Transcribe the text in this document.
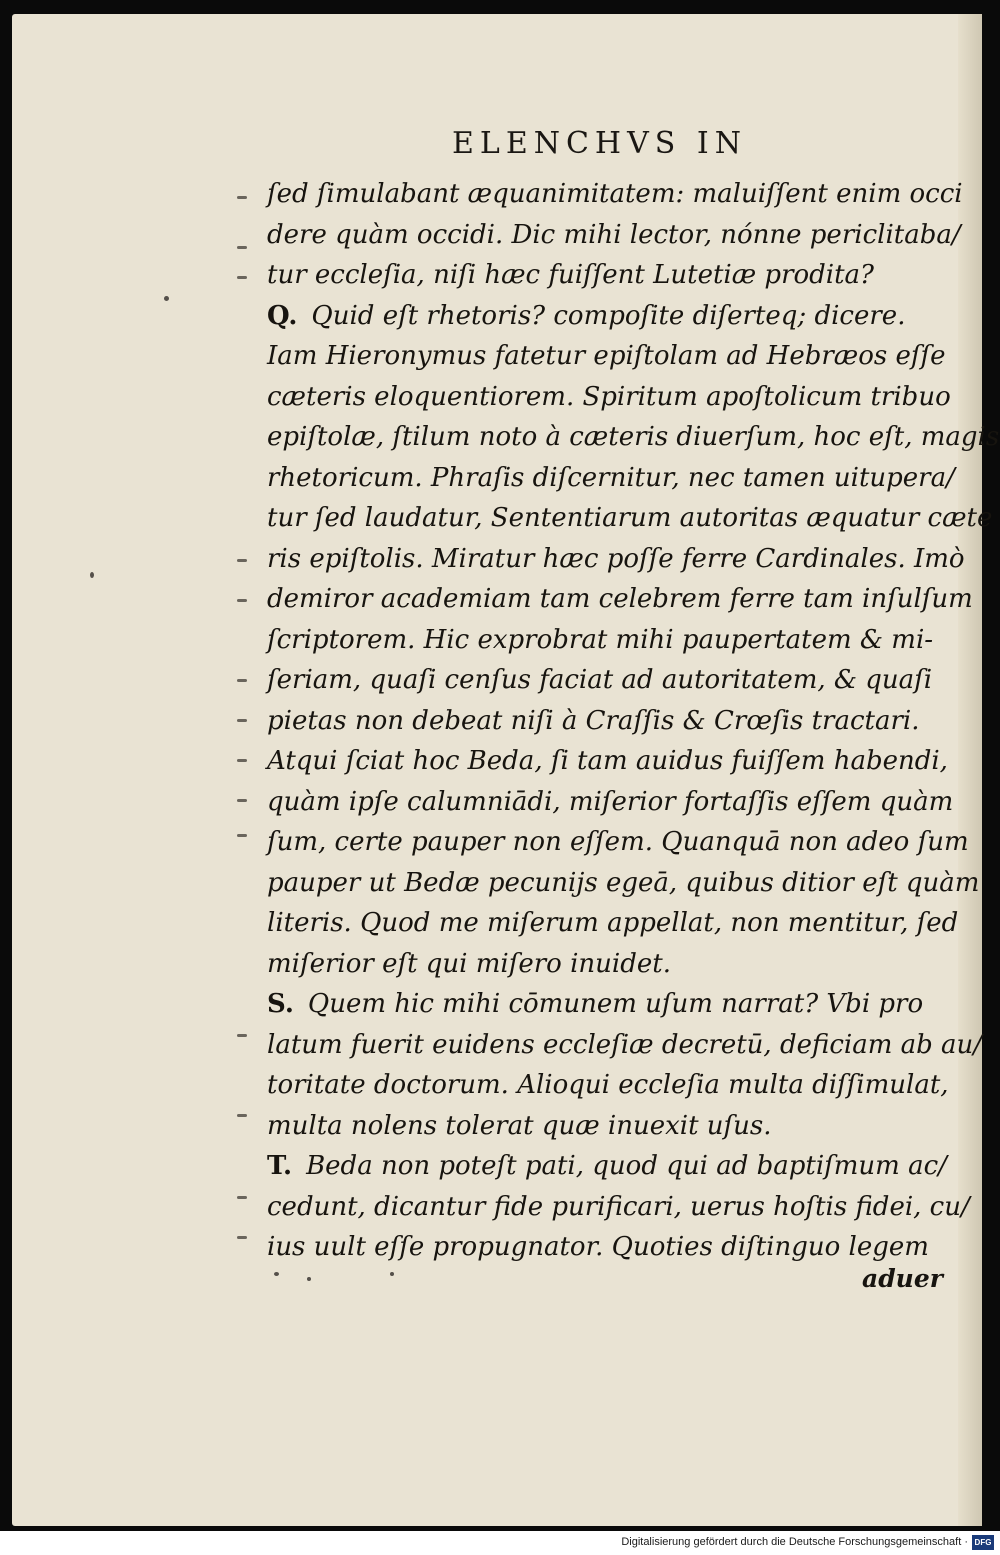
ELENCHVS IN
ſed ſimulabant æquanimitatem: maluiſſent enim occi
dere quàm occidi. Dic mihi lector, nónne periclitaba/
tur eccleſia, niſi hæc fuiſſent Lutetiæ prodita?
Q. Quid eſt rhetoris? compoſite diſerteq; dicere.
Iam Hieronymus fatetur epiſtolam ad Hebræos eſſe
cæteris eloquentiorem. Spiritum apoſtolicum tribuo
epiſtolæ, ſtilum noto à cæteris diuerſum, hoc eſt, magis
rhetoricum. Phraſis diſcernitur, nec tamen uitupera/
tur ſed laudatur, Sententiarum autoritas æquatur cæte
ris epiſtolis. Miratur hæc poſſe ferre Cardinales. Imò
demiror academiam tam celebrem ferre tam inſulſum
ſcriptorem. Hic exprobrat mihi paupertatem & mi-
ſeriam, quaſi cenſus faciat ad autoritatem, & quaſi
pietas non debeat niſi à Craſſis & Crœſis tractari.
Atqui ſciat hoc Beda, ſi tam auidus fuiſſem habendi,
quàm ipſe calumniādi, miſerior fortaſſis eſſem quàm
ſum, certe pauper non eſſem. Quanquā non adeo ſum
pauper ut Bedæ pecunijs egeā, quibus ditior eſt quàm
literis. Quod me miſerum appellat, non mentitur, ſed
miſerior eſt qui miſero inuidet.
S. Quem hic mihi cōmunem uſum narrat? Vbi pro
latum fuerit euidens eccleſiæ decretū, deficiam ab au/
toritate doctorum. Alioqui eccleſia multa diſſimulat,
multa nolens tolerat quæ inuexit uſus.
T. Beda non poteſt pati, quod qui ad baptiſmum ac/
cedunt, dicantur fide purificari, uerus hoſtis fidei, cu/
ius uult eſſe propugnator. Quoties diſtinguo legem
aduer
Digitalisierung gefördert durch die Deutsche Forschungsgemeinschaft · DFG
